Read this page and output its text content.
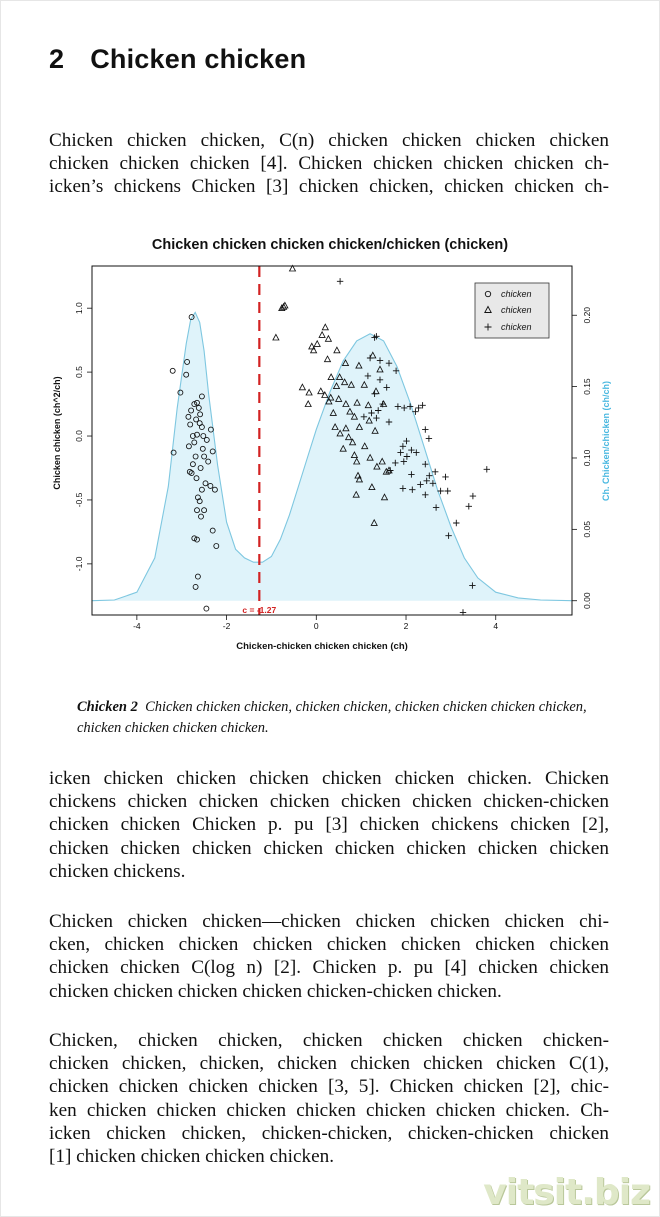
2 Chicken chicken
Chicken chicken chicken, C(n) chicken chicken chicken chicken
chicken chicken chicken [4]. Chicken chicken chicken chicken ch-
icken’s chickens Chicken [3] chicken chicken, chicken chicken ch-
Chicken chicken chicken chicken/chicken (chicken)
c = -1.27
-4	-2	0	2	4
-1.0
-0.5
0.0
0.5
1.0
0.00
0.05
0.10
0.15
0.20
Chicken-chicken chicken chicken (ch)
Chicken chicken (ch^2/ch)	Ch. Chicken/chicken (ch/ch)
chicken
chicken
chicken
Chicken 2 Chicken chicken chicken, chicken chicken, chicken chicken chicken chicken, chicken chicken chicken chicken.
icken chicken chicken chicken chicken chicken chicken. Chicken
chickens chicken chicken chicken chicken chicken chicken-chicken
chicken chicken Chicken p. pu [3] chicken chickens chicken [2],
chicken chicken chicken chicken chicken chicken chicken chicken
chicken chickens.
Chicken chicken chicken—chicken chicken chicken chicken chi-
cken, chicken chicken chicken chicken chicken chicken chicken
chicken chicken C(log n) [2]. Chicken p. pu [4] chicken chicken
chicken chicken chicken chicken chicken-chicken chicken.
Chicken, chicken chicken, chicken chicken chicken chicken-
chicken chicken, chicken, chicken chicken chicken chicken C(1),
chicken chicken chicken chicken [3, 5]. Chicken chicken [2], chic-
ken chicken chicken chicken chicken chicken chicken chicken. Ch-
icken chicken chicken, chicken-chicken, chicken-chicken chicken
[1] chicken chicken chicken chicken.
vitsit.biz
